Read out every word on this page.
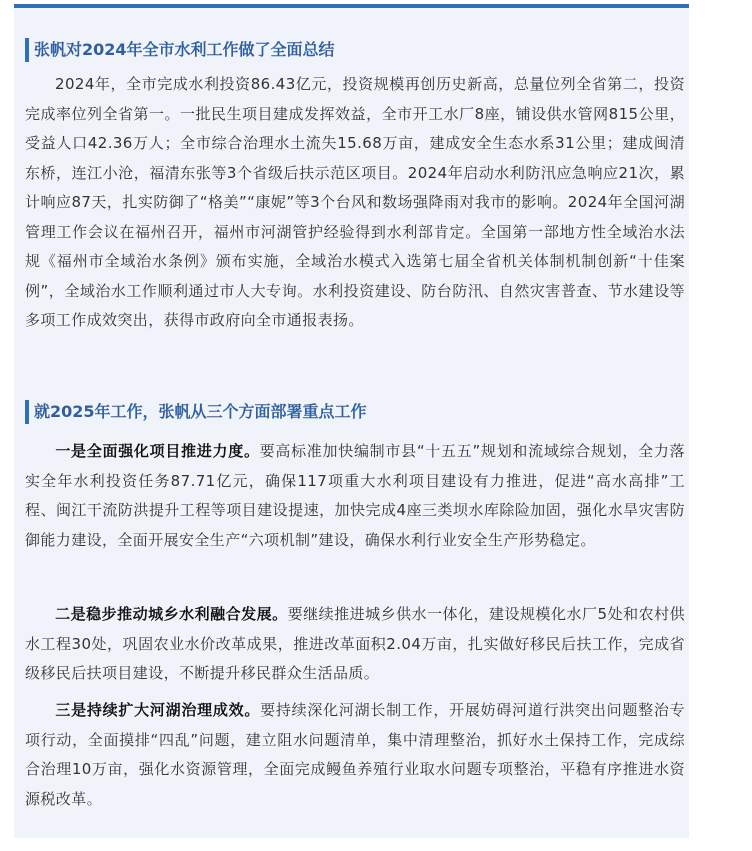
张帆对2024年全市水利工作做了全面总结

2024年，全市完成水利投资86.43亿元，投资规模再创历史新高，总量位列全省第二，投资完成率位列全省第一。一批民生项目建成发挥效益，全市开工水厂8座，铺设供水管网815公里，受益人口42.36万人；全市综合治理水土流失15.68万亩，建成安全生态水系31公里；建成闽清东桥，连江小沧，福清东张等3个省级后扶示范区项目。2024年启动水利防汛应急响应21次，累计响应87天，扎实防御了“格美”“康妮”等3个台风和数场强降雨对我市的影响。2024年全国河湖管理工作会议在福州召开，福州市河湖管护经验得到水利部肯定。全国第一部地方性全域治水法规《福州市全域治水条例》颁布实施，全域治水模式入选第七届全省机关体制机制创新“十佳案例”，全域治水工作顺利通过市人大专询。水利投资建设、防台防汛、自然灾害普查、节水建设等多项工作成效突出，获得市政府向全市通报表扬。

就2025年工作，张帆从三个方面部署重点工作

一是全面强化项目推进力度。要高标准加快编制市县“十五五”规划和流域综合规划，全力落实全年水利投资任务87.71亿元，确保117项重大水利项目建设有力推进，促进“高水高排”工程、闽江干流防洪提升工程等项目建设提速，加快完成4座三类坝水库除险加固，强化水旱灾害防御能力建设，全面开展安全生产“六项机制”建设，确保水利行业安全生产形势稳定。

二是稳步推动城乡水利融合发展。要继续推进城乡供水一体化，建设规模化水厂5处和农村供水工程30处，巩固农业水价改革成果，推进改革面积2.04万亩，扎实做好移民后扶工作，完成省级移民后扶项目建设，不断提升移民群众生活品质。

三是持续扩大河湖治理成效。要持续深化河湖长制工作，开展妨碍河道行洪突出问题整治专项行动，全面摸排“四乱”问题，建立阻水问题清单，集中清理整治，抓好水土保持工作，完成综合治理10万亩，强化水资源管理，全面完成鳗鱼养殖行业取水问题专项整治，平稳有序推进水资源税改革。
